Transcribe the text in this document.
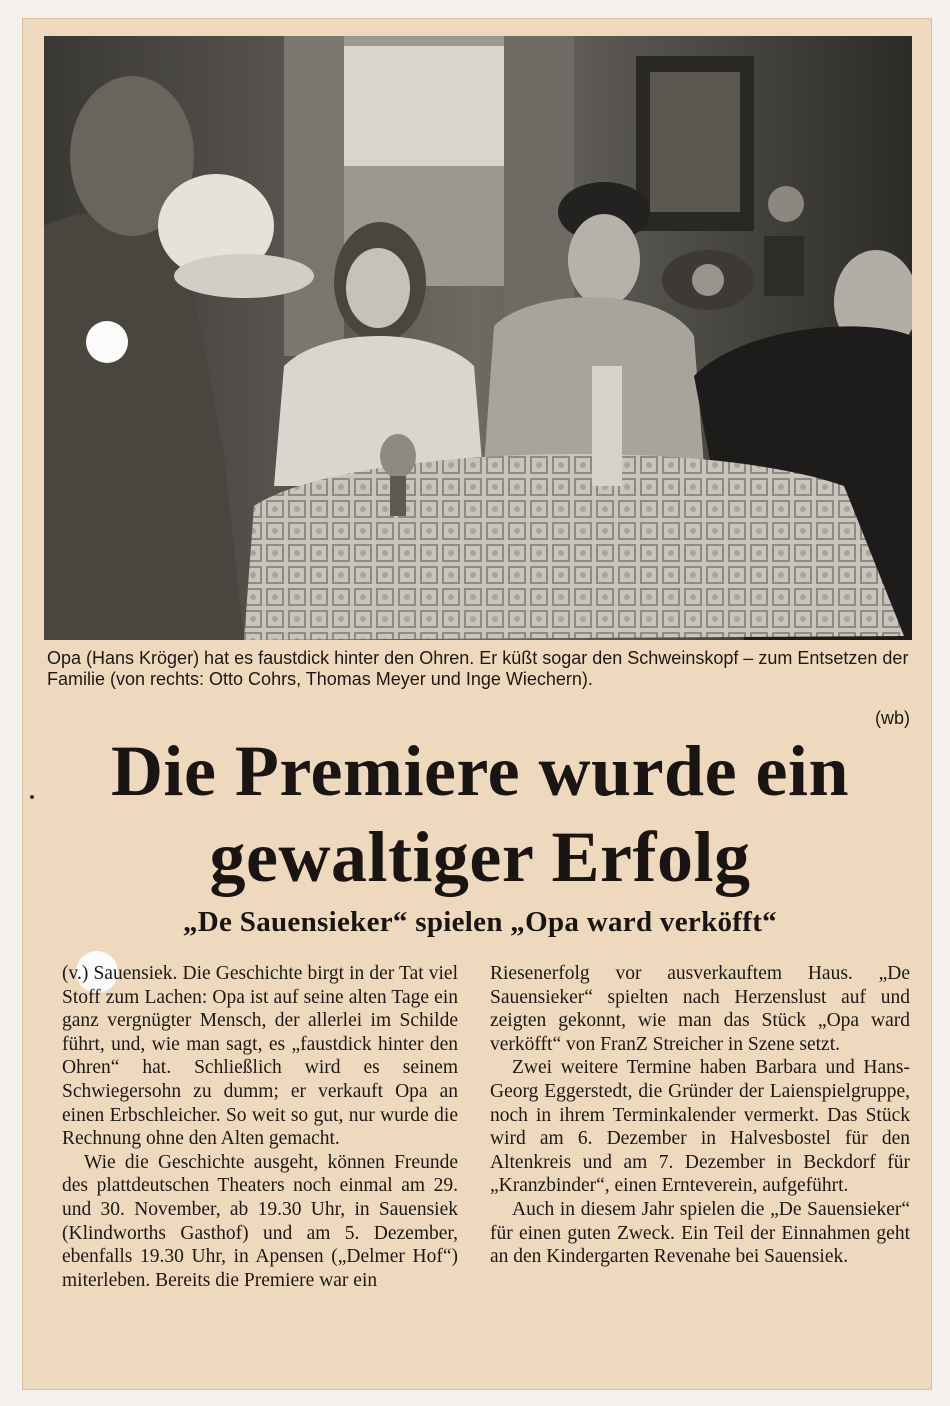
Opa (Hans Kröger) hat es faustdick hinter den Ohren. Er küßt sogar den Schweinskopf – zum Entsetzen der Familie (von rechts: Otto Cohrs, Thomas Meyer und Inge Wiechern).
(wb)
Die Premiere wurde ein
gewaltiger Erfolg
„De Sauensieker“ spielen „Opa ward verköfft“

(v.) Sauensiek. Die Geschichte birgt in der Tat viel Stoff zum Lachen: Opa ist auf seine alten Tage ein ganz vergnügter Mensch, der allerlei im Schilde führt, und, wie man sagt, es „faustdick hinter den Ohren“ hat. Schließlich wird es seinem Schwiegersohn zu dumm; er verkauft Opa an einen Erbschleicher. So weit so gut, nur wurde die Rechnung ohne den Alten gemacht.

Wie die Geschichte ausgeht, können Freunde des plattdeutschen Theaters noch einmal am 29. und 30. November, ab 19.30 Uhr, in Sauensiek (Klindworths Gasthof) und am 5. Dezember, ebenfalls 19.30 Uhr, in Apensen („Delmer Hof“) miterleben. Bereits die Premiere war ein

Riesenerfolg vor ausverkauftem Haus. „De Sauensieker“ spielten nach Herzenslust auf und zeigten gekonnt, wie man das Stück „Opa ward verköfft“ von FranZ Streicher in Szene setzt.

Zwei weitere Termine haben Barbara und Hans-Georg Eggerstedt, die Gründer der Laienspielgruppe, noch in ihrem Terminkalender vermerkt. Das Stück wird am 6. Dezember in Halvesbostel für den Altenkreis und am 7. Dezember in Beckdorf für „Kranzbinder“, einen Ernteverein, aufgeführt.

Auch in diesem Jahr spielen die „De Sauensieker“ für einen guten Zweck. Ein Teil der Einnahmen geht an den Kindergarten Revenahe bei Sauensiek.
